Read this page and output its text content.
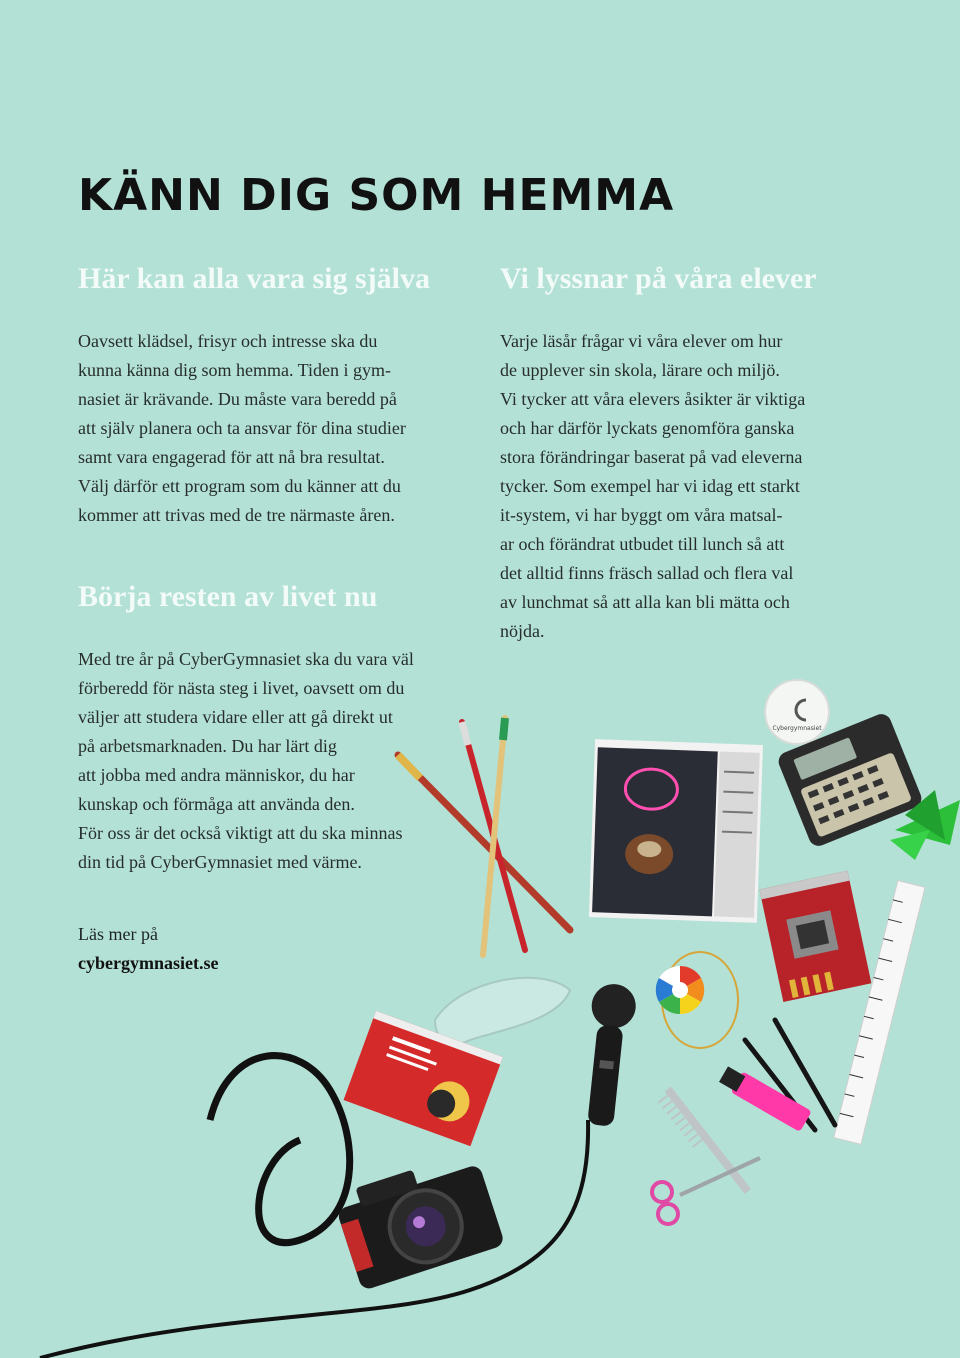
KÄNN DIG SOM HEMMA
Här kan alla vara sig själva
Oavsett klädsel, frisyr och intresse ska du
kunna känna dig som hemma. Tiden i gym-
nasiet är krävande. Du måste vara beredd på
att själv planera och ta ansvar för dina studier
samt vara engagerad för att nå bra resultat.
Välj därför ett program som du känner att du
kommer att trivas med de tre närmaste åren.
Börja resten av livet nu
Med tre år på CyberGymnasiet ska du vara väl
förberedd för nästa steg i livet, oavsett om du
väljer att studera vidare eller att gå direkt ut
på arbetsmarknaden. Du har lärt dig
att jobba med andra människor, du har
kunskap och förmåga att använda den.
För oss är det också viktigt att du ska minnas
din tid på CyberGymnasiet med värme.

Läs mer på

cybergymnasiet.se
Vi lyssnar på våra elever
Varje läsår frågar vi våra elever om hur
de upplever sin skola, lärare och miljö.
Vi tycker att våra elevers åsikter är viktiga
och har därför lyckats genomföra ganska
stora förändringar baserat på vad eleverna
tycker. Som exempel har vi idag ett starkt
it-system, vi har byggt om våra matsal-
ar och förändrat utbudet till lunch så att
det alltid finns fräsch sallad och flera val
av lunchmat så att alla kan bli mätta och
nöjda.
Cybergymnasiet
